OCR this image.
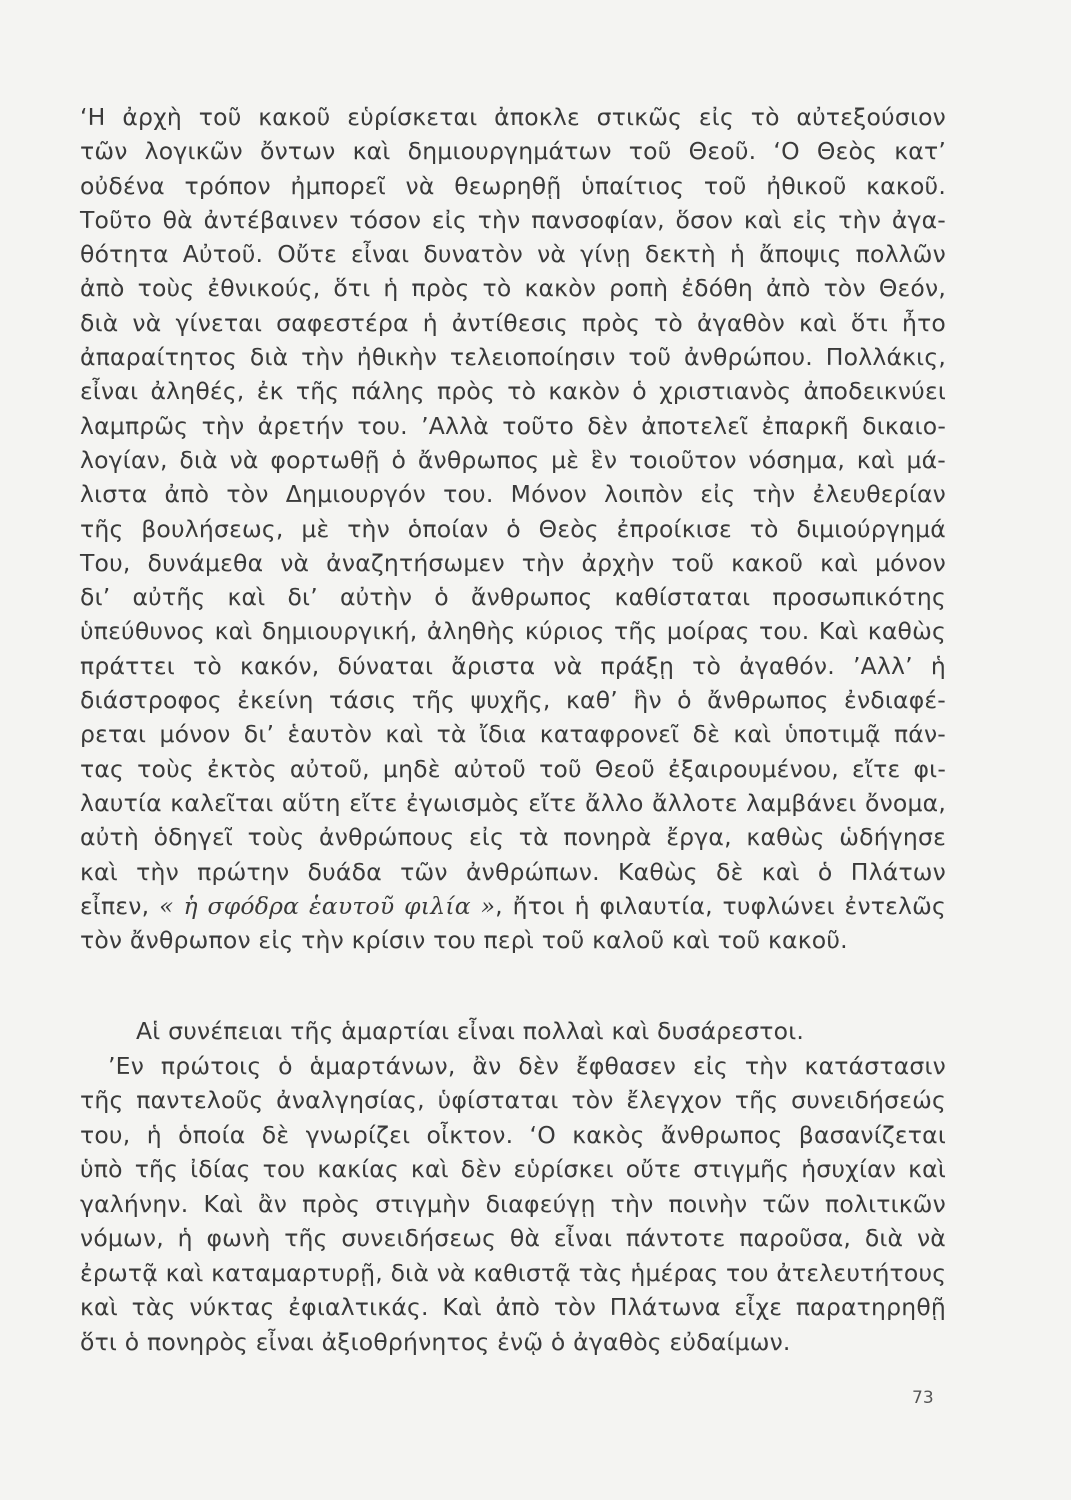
‘Η ἀρχὴ τοῦ κακοῦ εὑρίσκεται ἀποκλε στικῶς εἰς τὸ αὐτεξούσιον
τῶν λογικῶν ὄντων καὶ δημιουργημάτων τοῦ Θεοῦ. ‘Ο Θεὸς κατ’
οὐδένα τρόπον ἠμπορεῖ νὰ θεωρηθῇ ὑπαίτιος τοῦ ἠθικοῦ κακοῦ.
Τοῦτο θὰ ἀντέβαινεν τόσον εἰς τὴν πανσοφίαν, ὅσον καὶ εἰς τὴν ἀγα-
θότητα Αὐτοῦ. Οὔτε εἶναι δυνατὸν νὰ γίνῃ δεκτὴ ἡ ἄποψις πολλῶν
ἀπὸ τοὺς ἐθνικούς, ὅτι ἡ πρὸς τὸ κακὸν ροπὴ ἐδόθη ἀπὸ τὸν Θεόν,
διὰ νὰ γίνεται σαφεστέρα ἡ ἀντίθεσις πρὸς τὸ ἀγαθὸν καὶ ὅτι ἦτο
ἀπαραίτητος διὰ τὴν ἠθικὴν τελειοποίησιν τοῦ ἀνθρώπου. Πολλάκις,
εἶναι ἀληθές, ἐκ τῆς πάλης πρὸς τὸ κακὸν ὁ χριστιανὸς ἀποδεικνύει
λαμπρῶς τὴν ἀρετήν του. ’Αλλὰ τοῦτο δὲν ἀποτελεῖ ἐπαρκῆ δικαιο-
λογίαν, διὰ νὰ φορτωθῇ ὁ ἄνθρωπος μὲ ἓν τοιοῦτον νόσημα, καὶ μά-
λιστα ἀπὸ τὸν Δημιουργόν του. Μόνον λοιπὸν εἰς τὴν ἐλευθερίαν
τῆς βουλήσεως, μὲ τὴν ὁποίαν ὁ Θεὸς ἐπροίκισε τὸ διμιούργημά
Του, δυνάμεθα νὰ ἀναζητήσωμεν τὴν ἀρχὴν τοῦ κακοῦ καὶ μόνον
δι’ αὐτῆς καὶ δι’ αὐτὴν ὁ ἄνθρωπος καθίσταται προσωπικότης
ὑπεύθυνος καὶ δημιουργική, ἀληθὴς κύριος τῆς μοίρας του. Καὶ καθὼς
πράττει τὸ κακόν, δύναται ἄριστα νὰ πράξῃ τὸ ἀγαθόν. ’Αλλ’ ἡ
διάστροφος ἐκείνη τάσις τῆς ψυχῆς, καθ’ ἣν ὁ ἄνθρωπος ἐνδιαφέ-
ρεται μόνον δι’ ἑαυτὸν καὶ τὰ ἴδια καταφρονεῖ δὲ καὶ ὑποτιμᾷ πάν-
τας τοὺς ἐκτὸς αὐτοῦ, μηδὲ αὐτοῦ τοῦ Θεοῦ ἐξαιρουμένου, εἴτε φι-
λαυτία καλεῖται αὕτη εἴτε ἐγωισμὸς εἴτε ἄλλο ἄλλοτε λαμβάνει ὄνομα,
αὐτὴ ὁδηγεῖ τοὺς ἀνθρώπους εἰς τὰ πονηρὰ ἔργα, καθὼς ὡδήγησε
καὶ τὴν πρώτην δυάδα τῶν ἀνθρώπων. Καθὼς δὲ καὶ ὁ Πλάτων
εἶπεν, « ἡ σφόδρα ἑαυτοῦ φιλία », ἤτοι ἡ φιλαυτία, τυφλώνει ἐντελῶς
τὸν ἄνθρωπον εἰς τὴν κρίσιν του περὶ τοῦ καλοῦ καὶ τοῦ κακοῦ.
Αἱ συνέπειαι τῆς ἁμαρτίαι εἶναι πολλαὶ καὶ δυσάρεστοι.
’Εν πρώτοις ὁ ἁμαρτάνων, ἂν δὲν ἔφθασεν εἰς τὴν κατάστασιν
τῆς παντελοῦς ἀναλγησίας, ὑφίσταται τὸν ἔλεγχον τῆς συνειδήσεώς
του, ἡ ὁποία δὲ γνωρίζει οἶκτον. ‘Ο κακὸς ἄνθρωπος βασανίζεται
ὑπὸ τῆς ἰδίας του κακίας καὶ δὲν εὑρίσκει οὔτε στιγμῆς ἡσυχίαν καὶ
γαλήνην. Καὶ ἂν πρὸς στιγμὴν διαφεύγῃ τὴν ποινὴν τῶν πολιτικῶν
νόμων, ἡ φωνὴ τῆς συνειδήσεως θὰ εἶναι πάντοτε παροῦσα, διὰ νὰ
ἐρωτᾷ καὶ καταμαρτυρῇ, διὰ νὰ καθιστᾷ τὰς ἡμέρας του ἀτελευτήτους
καὶ τὰς νύκτας ἐφιαλτικάς. Καὶ ἀπὸ τὸν Πλάτωνα εἶχε παρατηρηθῇ
ὅτι ὁ πονηρὸς εἶναι ἀξιοθρήνητος ἐνῷ ὁ ἀγαθὸς εὐδαίμων.
73
